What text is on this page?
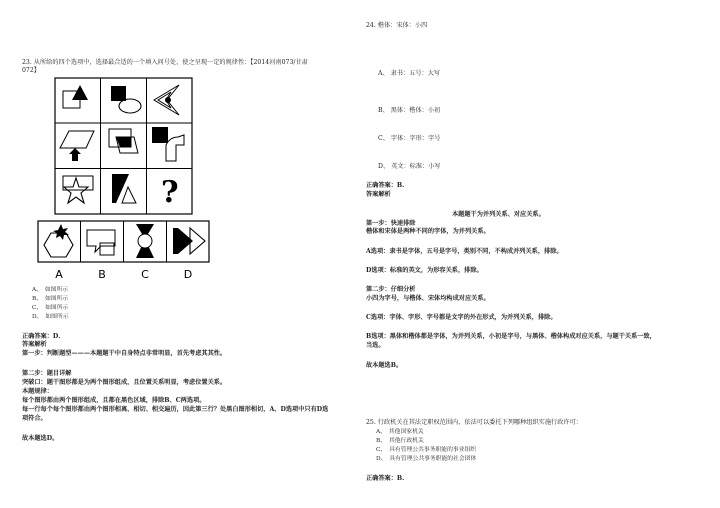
23. 从所给的四个选项中，选择最合适的一个填入问号处，使之呈现一定的规律性：【2014河南073/甘肃
072】
?
A	B	C	D
A、　如图所示
B、　如图所示
C、　如图所示
D、　如图所示
正确答案：D.
答案解析
第一步：判断题型———本题题干中自身特点非常明显，首先考虑其其性。
第二步：题目详解
突破口：题干图形都是为两个图形组成，且位置关系明显，考虑位置关系。
本题规律：
每个图形都由两个图形组成，且都在黑色区域，排除B、C两选项。
每一行每个每个图形都由两个图形相离、相切、相交遍历，因此第三行？处黑白图形相切，A、D选项中只有D选
项符合。
故本题选D。
24. 楷体：宋体：小四
A、 隶书：五号：大写
B、 黑体：楷体：小初
C、 字体：字形：字号
D、 英文：标准：小写
正确答案：B.
答案解析
本题题干为并列关系、对应关系。
第一步：快速排除
楷体和宋体是两种不同的字体，为并列关系。
A选项：隶书是字体，五号是字号，类别不同，不构成并列关系，排除。
D选项：标准的英文，为形容关系，排除。
第二步：仔细分析
小四为字号，与楷体、宋体均构成对应关系。
C选项：字体、字形、字号都是文字的外在形式，为并列关系，排除。
B选项：黑体和楷体都是字体，为并列关系，小初是字号，与黑体、楷体构成对应关系，与题干关系一致，
当选。
故本题选B。
25. 行政机关在其法定职权范围内，依法可以委托下列哪种组织实施行政许可：
A、　其他国家机关
B、　其他行政机关
C、　具有管理公共事务职能的事业组织
D、　具有管理公共事务职能的社会团体
正确答案：B.
